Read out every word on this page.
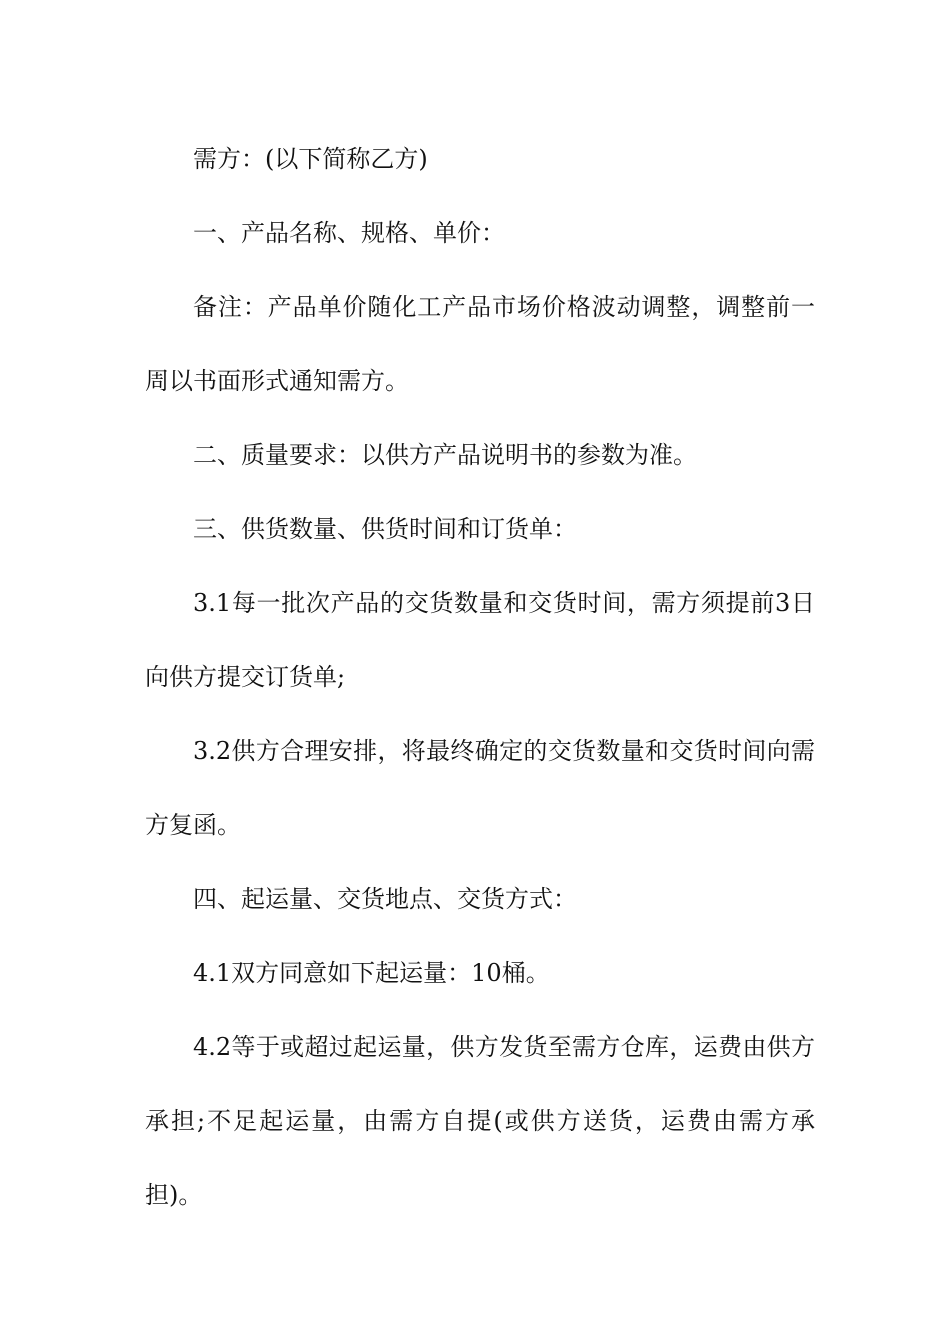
需方：(以下简称乙方)

一、产品名称、规格、单价：

备注：产品单价随化工产品市场价格波动调整，调整前一周以书面形式通知需方。

二、质量要求：以供方产品说明书的参数为准。

三、供货数量、供货时间和订货单：

3.1每一批次产品的交货数量和交货时间，需方须提前3日向供方提交订货单;

3.2供方合理安排，将最终确定的交货数量和交货时间向需方复函。

四、起运量、交货地点、交货方式：

4.1双方同意如下起运量：10桶。

4.2等于或超过起运量，供方发货至需方仓库，运费由供方承担;不足起运量，由需方自提(或供方送货，运费由需方承担)。
